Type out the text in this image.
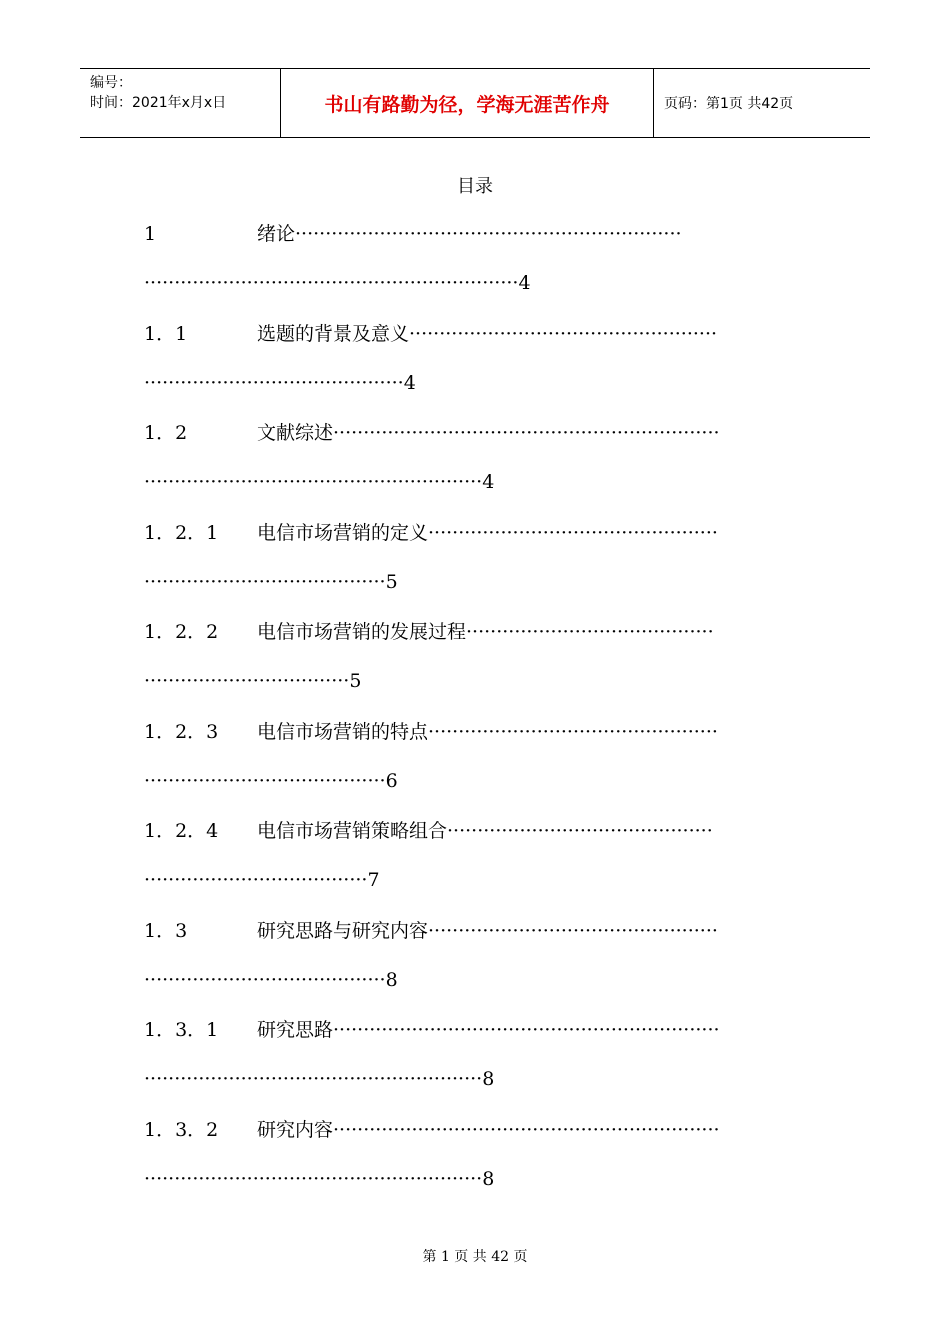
编号：
时间：2021年x月x日	书山有路勤为径，学海无涯苦作舟	页码：第1页 共42页
目录
1	绪论································································
······························································4
1．1	选题的背景及意义···················································
···········································4
1．2	文献综述································································
························································4
1．2．1 电信市场营销的定义················································
········································5
1．2．2 电信市场营销的发展过程·········································
··································5
1．2．3 电信市场营销的特点················································
········································6
1．2．4 电信市场营销策略组合············································
·····································7
1．3	研究思路与研究内容················································
········································8
1．3．1 研究思路································································
························································8
1．3．2 研究内容································································
························································8
第 1 页 共 42 页
